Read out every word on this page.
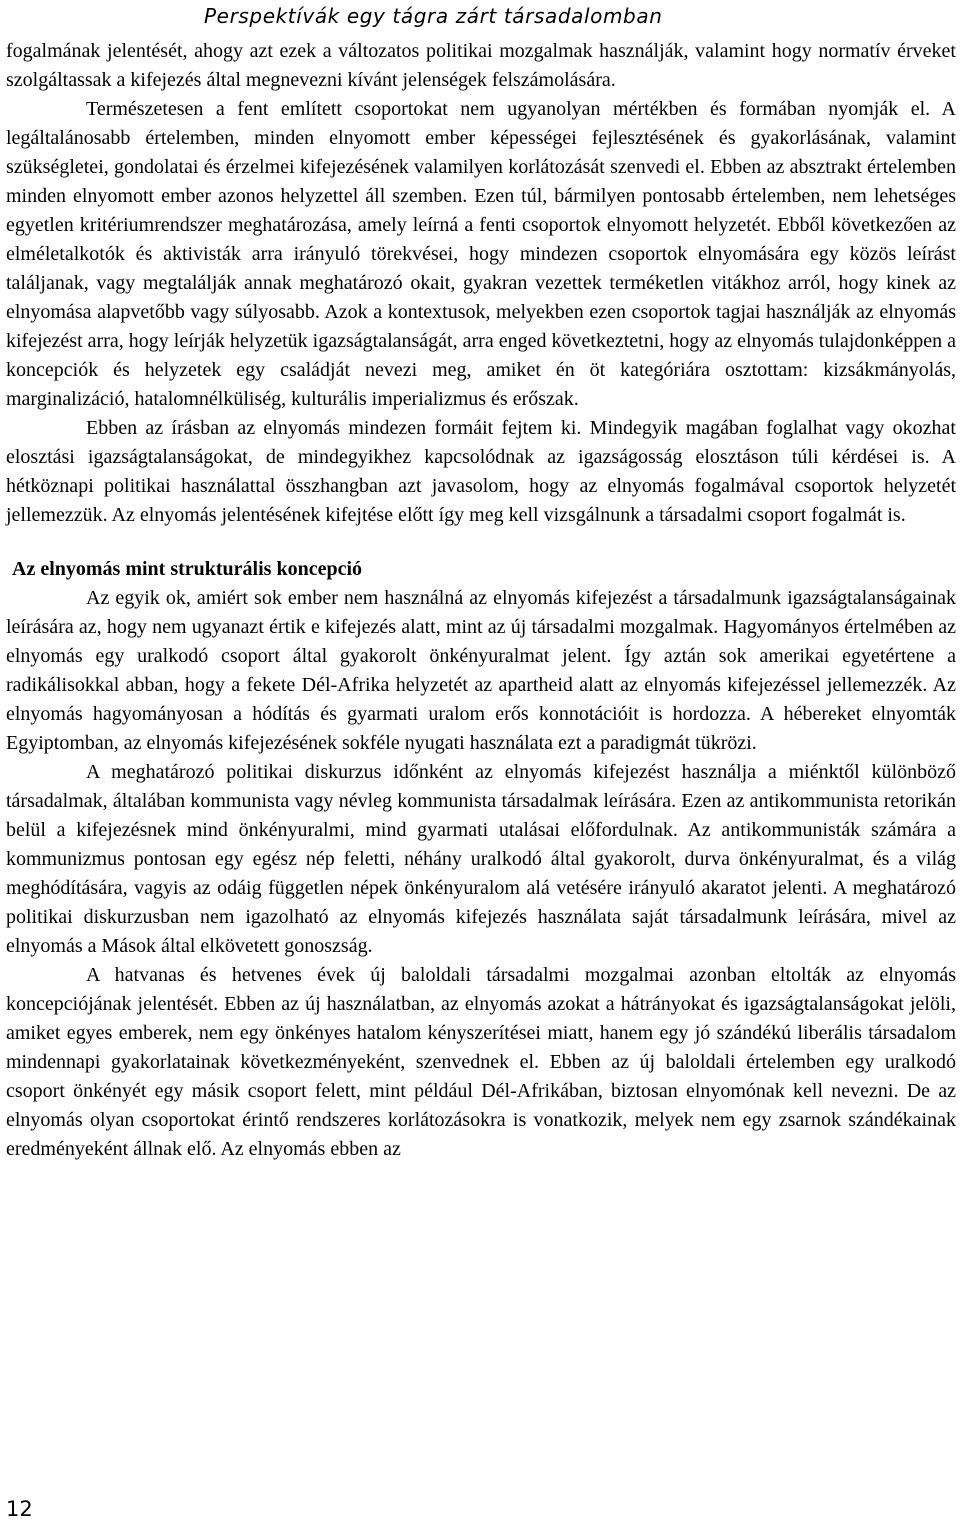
Perspektívák egy tágra zárt társadalomban

fogalmának jelentését, ahogy azt ezek a változatos politikai mozgalmak használják, valamint hogy normatív érveket szolgáltassak a kifejezés által megnevezni kívánt jelenségek felszámolására.

Természetesen a fent említett csoportokat nem ugyanolyan mértékben és formában nyomják el. A legáltalánosabb értelemben, minden elnyomott ember képességei fejlesztésének és gyakorlásának, valamint szükségletei, gondolatai és érzelmei kifejezésének valamilyen korlátozását szenvedi el. Ebben az absztrakt értelemben minden elnyomott ember azonos helyzettel áll szemben. Ezen túl, bármilyen pontosabb értelemben, nem lehetséges egyetlen kritériumrendszer meghatározása, amely leírná a fenti csoportok elnyomott helyzetét. Ebből következően az elméletalkotók és aktivisták arra irányuló törekvései, hogy mindezen csoportok elnyomására egy közös leírást találjanak, vagy megtalálják annak meghatározó okait, gyakran vezettek terméketlen vitákhoz arról, hogy kinek az elnyomása alapvetőbb vagy súlyosabb. Azok a kontextusok, melyekben ezen csoportok tagjai használják az elnyomás kifejezést arra, hogy leírják helyzetük igazságtalanságát, arra enged következtetni, hogy az elnyomás tulajdonképpen a koncepciók és helyzetek egy családját nevezi meg, amiket én öt kategóriára osztottam: kizsákmányolás, marginalizáció, hatalomnélküliség, kulturális imperializmus és erőszak.

Ebben az írásban az elnyomás mindezen formáit fejtem ki. Mindegyik magában foglalhat vagy okozhat elosztási igazságtalanságokat, de mindegyikhez kapcsolódnak az igazságosság elosztáson túli kérdései is. A hétköznapi politikai használattal összhangban azt javasolom, hogy az elnyomás fogalmával csoportok helyzetét jellemezzük. Az elnyomás jelentésének kifejtése előtt így meg kell vizsgálnunk a társadalmi csoport fogalmát is.

Az elnyomás mint strukturális koncepció

Az egyik ok, amiért sok ember nem használná az elnyomás kifejezést a társadalmunk igazságtalanságainak leírására az, hogy nem ugyanazt értik e kifejezés alatt, mint az új társadalmi mozgalmak. Hagyományos értelmében az elnyomás egy uralkodó csoport által gyakorolt önkényuralmat jelent. Így aztán sok amerikai egyetértene a radikálisokkal abban, hogy a fekete Dél-Afrika helyzetét az apartheid alatt az elnyomás kifejezéssel jellemezzék. Az elnyomás hagyományosan a hódítás és gyarmati uralom erős konnotációit is hordozza. A hébereket elnyomták Egyiptomban, az elnyomás kifejezésének sokféle nyugati használata ezt a paradigmát tükrözi.

A meghatározó politikai diskurzus időnként az elnyomás kifejezést használja a miénktől különböző társadalmak, általában kommunista vagy névleg kommunista társadalmak leírására. Ezen az antikommunista retorikán belül a kifejezésnek mind önkényuralmi, mind gyarmati utalásai előfordulnak. Az antikommunisták számára a kommunizmus pontosan egy egész nép feletti, néhány uralkodó által gyakorolt, durva önkényuralmat, és a világ meghódítására, vagyis az odáig független népek önkényuralom alá vetésére irányuló akaratot jelenti. A meghatározó politikai diskurzusban nem igazolható az elnyomás kifejezés használata saját társadalmunk leírására, mivel az elnyomás a Mások által elkövetett gonoszság.

A hatvanas és hetvenes évek új baloldali társadalmi mozgalmai azonban eltolták az elnyomás koncepciójának jelentését. Ebben az új használatban, az elnyomás azokat a hátrányokat és igazságtalanságokat jelöli, amiket egyes emberek, nem egy önkényes hatalom kényszerítései miatt, hanem egy jó szándékú liberális társadalom mindennapi gyakorlatainak következményeként, szenvednek el. Ebben az új baloldali értelemben egy uralkodó csoport önkényét egy másik csoport felett, mint például Dél-Afrikában, biztosan elnyomónak kell nevezni. De az elnyomás olyan csoportokat érintő rendszeres korlátozásokra is vonatkozik, melyek nem egy zsarnok szándékainak eredményeként állnak elő. Az elnyomás ebben az

12
